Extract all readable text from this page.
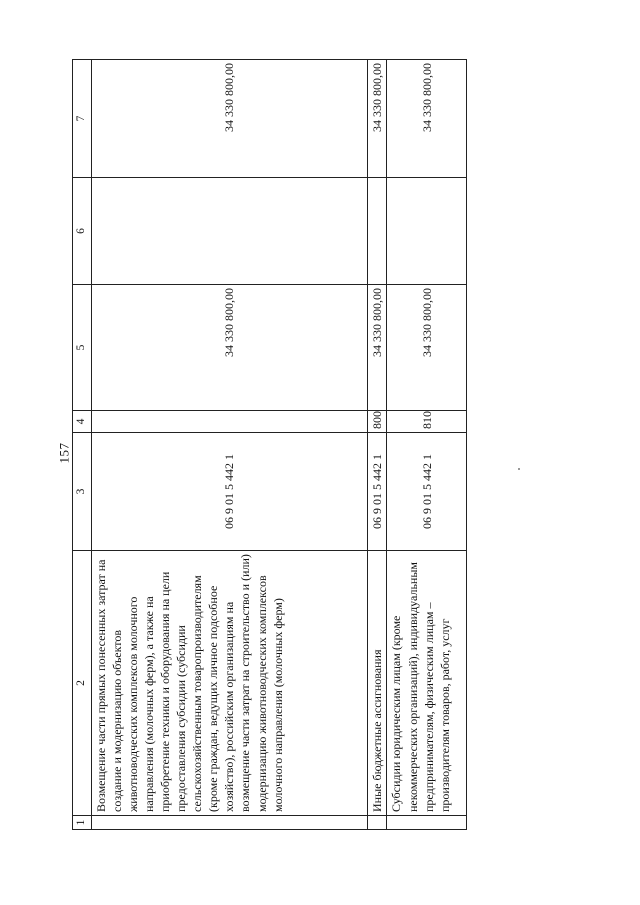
157
1	2	3	4	5	6	7
	Возмещение части прямых понесенных затрат на создание и модернизацию объектов животноводческих комплексов молочного направления (молочных ферм), а также на приобретение техники и оборудования на цели предоставления субсидии (субсидии сельскохозяйственным товаропроизводителям (кроме граждан, ведущих личное подсобное хозяйство), российским организациям на возмещение части затрат на строительство и (или) модернизацию животноводческих комплексов молочного направления (молочных ферм)	06 9 01 5 442 1		34 330 800,00		34 330 800,00
	Иные бюджетные ассигнования	06 9 01 5 442 1	800	34 330 800,00		34 330 800,00
	Субсидии юридическим лицам (кроме некоммерческих организаций), индивидуальным предпринимателям, физическим лицам – производителям товаров, работ, услуг	06 9 01 5 442 1	810	34 330 800,00		34 330 800,00
